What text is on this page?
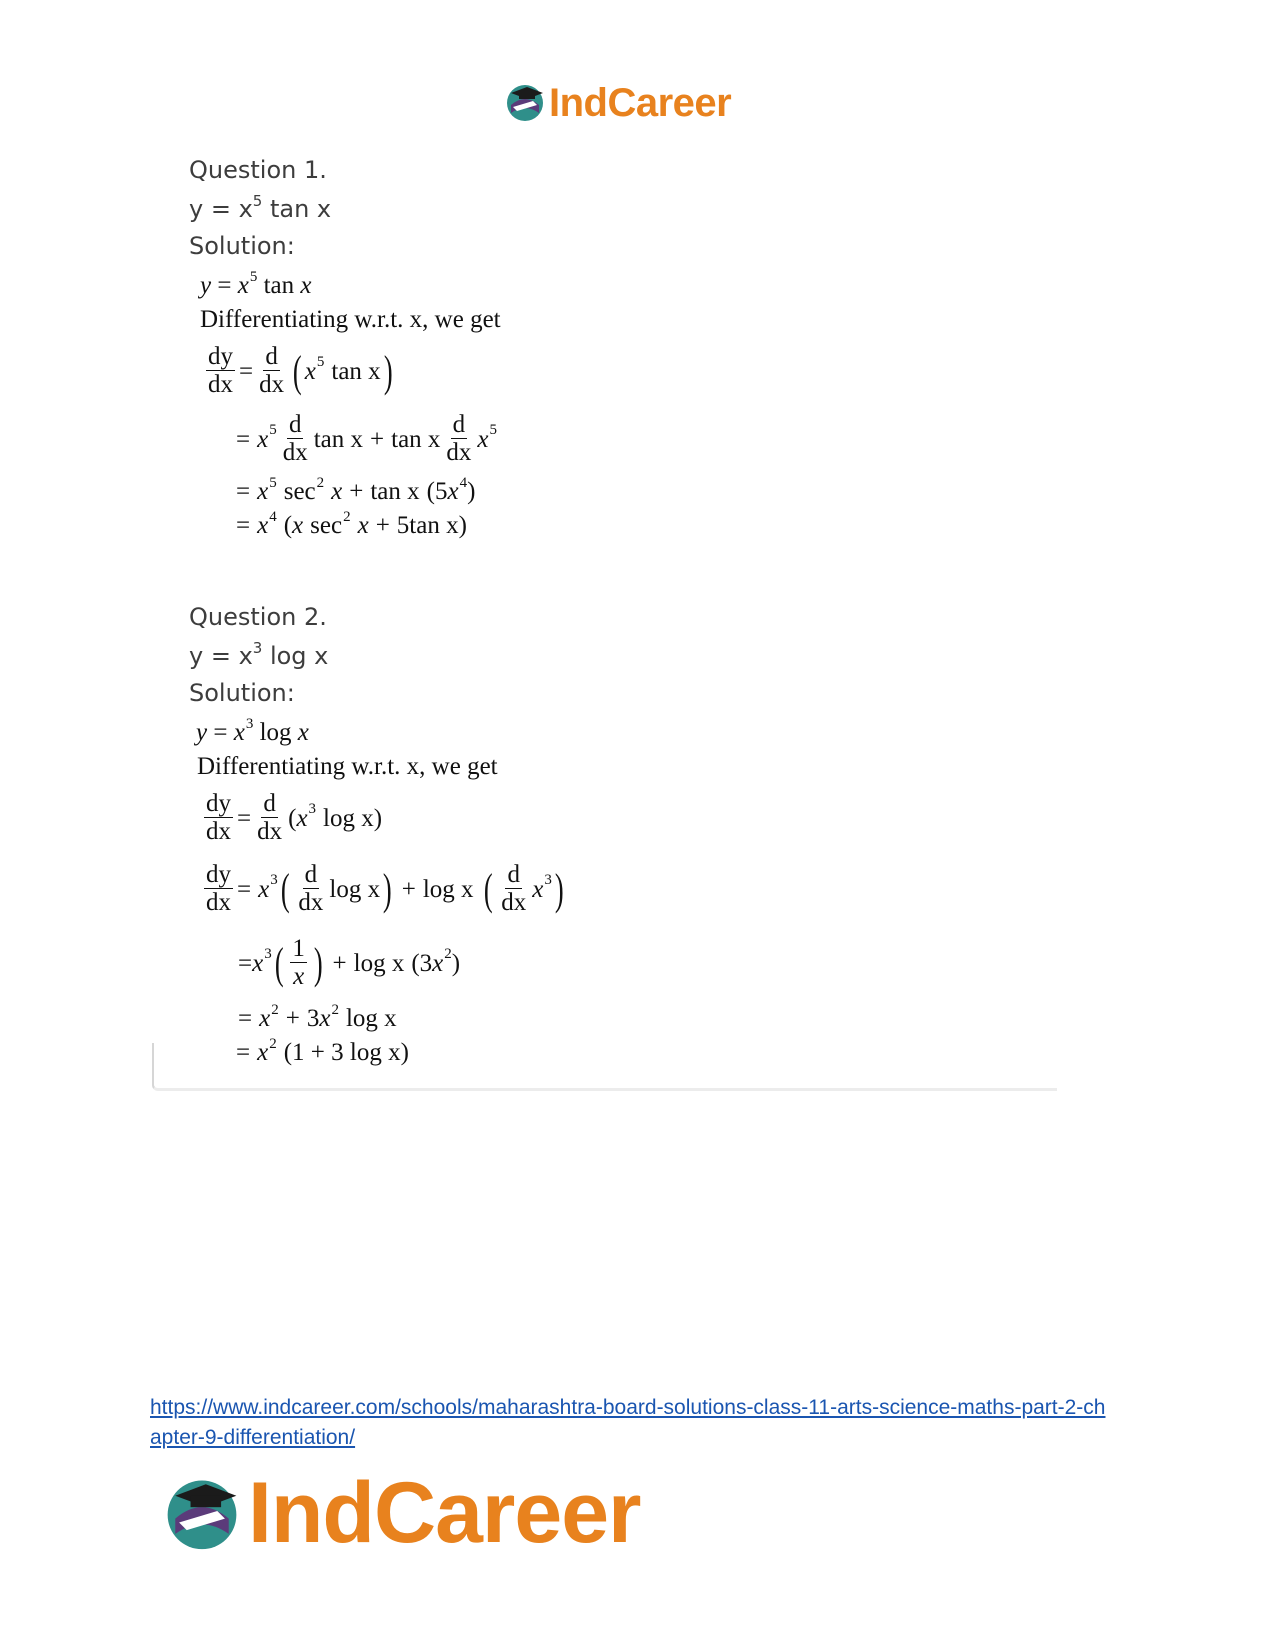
IndCareer
Question 1.
$y = x^5$ tan x
Solution:
y
=
$x^5$
tan
x
Differentiating w.r.t. x, we get
$\frac{dy}{dx} = \frac{d}{dx}$ ( $x^5$ tan x )
= $x^5 \frac{d}{dx}$ tan x + tan x $\frac{d}{dx} x^5$
= $x^5$ $\sec^2 x + \tan x$ ( 5 $x^4$ )
= $x^4$ ( x $\sec^2 x + 5\tan$ x )
Question 2.
$y = x^3$ log x
Solution:
y
=
$x^3$
log
x
Differentiating w.r.t. x, we get
$\frac{dy}{dx} = \frac{d}{dx}$ ( $x^3$ log x )
$\frac{dy}{dx} = x^3$ ( $\frac{d}{dx}$ log x ) + log x ( $\frac{d}{dx} x^3$ )
= $x^3$ ( $\frac{1}{x}$ ) + log x ( 3 $x^2$ )
= $x^2 + 3$ $x^2$ log x
= $x^2$ ( 1 + 3 log x )
https://www.indcareer.com/schools/maharashtra-board-solutions-class-11-arts-science-maths-part-2-chapter-9-differentiation/
IndCareer
